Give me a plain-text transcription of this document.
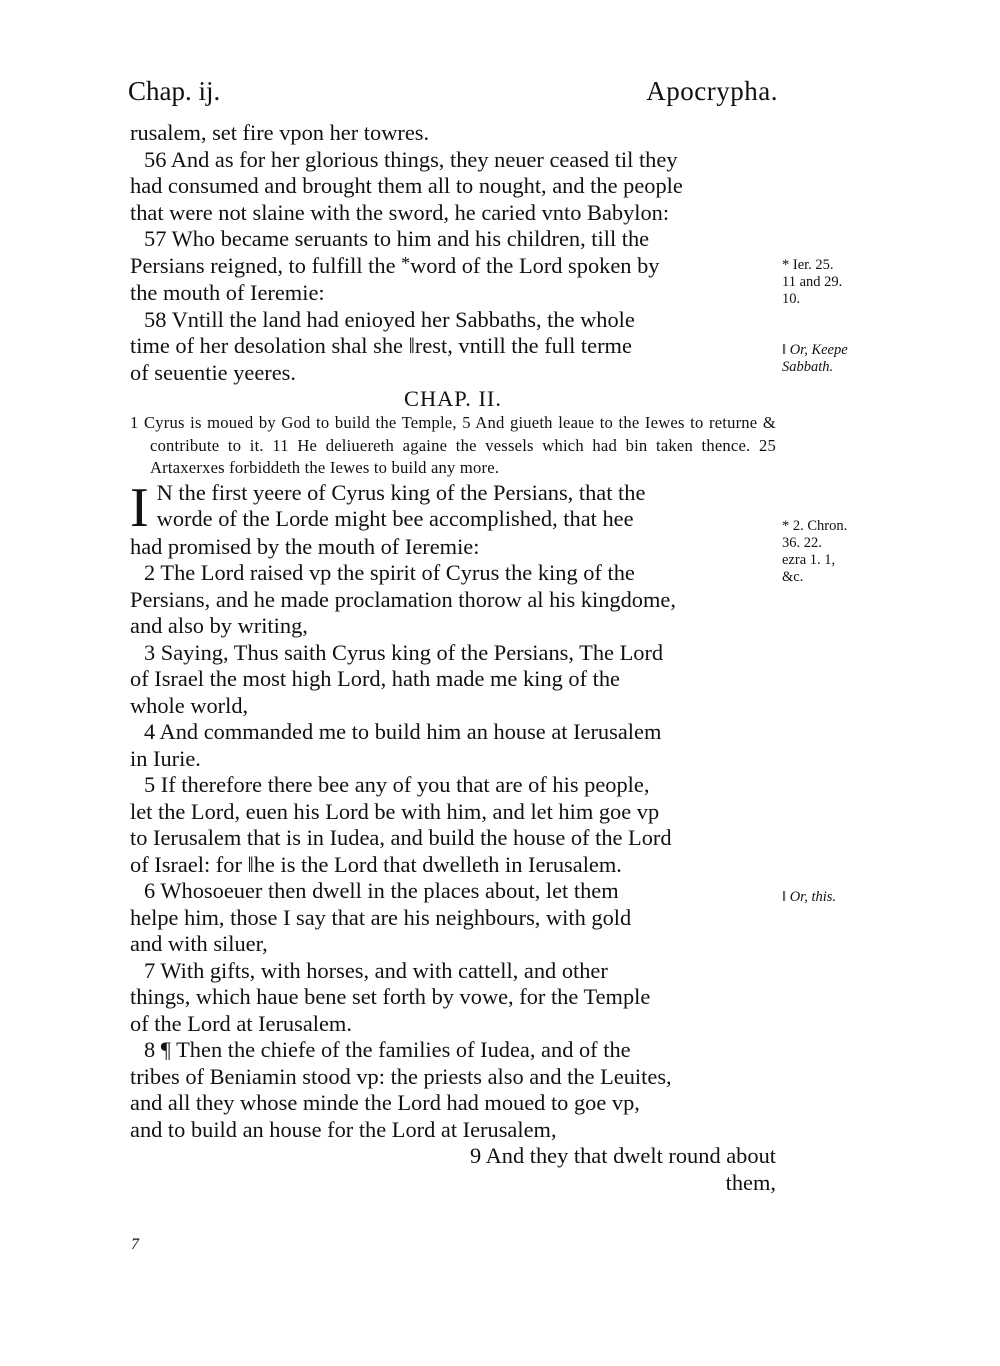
Chap. ij.	Apocrypha.

rusalem, set fire vpon her towres.

56 And as for her glorious things, they neuer ceased til they

had consumed and brought them all to nought, and the people

that were not slaine with the sword, he caried vnto Babylon:

57 Who became seruants to him and his children, till the

Persians reigned, to fulfill the *word of the Lord spoken by

the mouth of Ieremie:

58 Vntill the land had enioyed her Sabbaths, the whole

time of her desolation shal she ‖rest, vntill the full terme

of seuentie yeeres.

CHAP. II.

1 Cyrus is moued by God to build the Temple, 5 And giueth leaue to the Iewes to returne & contribute to it. 11 He deliuereth againe the vessels which had bin taken thence. 25 Artaxerxes forbiddeth the Iewes to build any more.

I N the first yeere of Cyrus king of the Persians, that the

worde of the Lorde might bee accomplished, that hee

had promised by the mouth of Ieremie:

2 The Lord raised vp the spirit of Cyrus the king of the

Persians, and he made proclamation thorow al his kingdome,

and also by writing,

3 Saying, Thus saith Cyrus king of the Persians, The Lord

of Israel the most high Lord, hath made me king of the

whole world,

4 And commanded me to build him an house at Ierusalem

in Iurie.

5 If therefore there bee any of you that are of his people,

let the Lord, euen his Lord be with him, and let him goe vp

to Ierusalem that is in Iudea, and build the house of the Lord

of Israel: for ‖he is the Lord that dwelleth in Ierusalem.

6 Whosoeuer then dwell in the places about, let them

helpe him, those I say that are his neighbours, with gold

and with siluer,

7 With gifts, with horses, and with cattell, and other

things, which haue bene set forth by vowe, for the Temple

of the Lord at Ierusalem.

8 ¶ Then the chiefe of the families of Iudea, and of the

tribes of Beniamin stood vp: the priests also and the Leuites,

and all they whose minde the Lord had moued to goe vp,

and to build an house for the Lord at Ierusalem,

9 And they that dwelt round about

them,

* Ier. 25.
11 and 29.
10.
‖ Or, Keepe
Sabbath.
* 2. Chron.
36. 22.
ezra 1. 1,
&c.
‖ Or, this.
7
